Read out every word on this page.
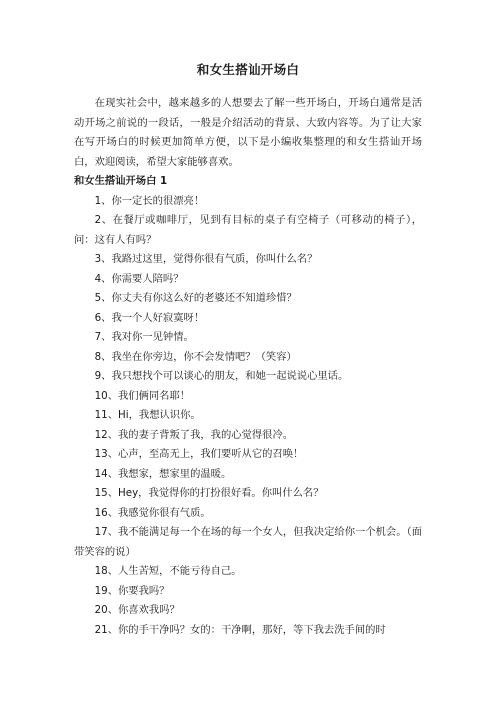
和女生搭讪开场白

在现实社会中，越来越多的人想要去了解一些开场白，开场白通常是活动开场之前说的一段话，一般是介绍活动的背景、大致内容等。为了让大家在写开场白的时候更加简单方便，以下是小编收集整理的和女生搭讪开场白，欢迎阅读，希望大家能够喜欢。

和女生搭讪开场白 1

1、你一定长的很漂亮！
2、在餐厅或咖啡厅，见到有目标的桌子有空椅子（可移动的椅子），问：这有人有吗？
3、我路过这里，觉得你很有气质，你叫什么名？
4、你需要人陪吗？
5、你丈夫有你这么好的老婆还不知道珍惜？
6、我一个人好寂寞呀！
7、我对你一见钟情。
8、我坐在你旁边，你不会发情吧？（笑容）
9、我只想找个可以谈心的朋友，和她一起说说心里话。
10、我们俩同名耶！
11、Hi，我想认识你。
12、我的妻子背叛了我，我的心觉得很冷。
13、心声，至高无上，我们要听从它的召唤！
14、我想家，想家里的温暖。
15、Hey，我觉得你的打扮很好看。你叫什么名？
16、我感觉你很有气质。
17、我不能满足每一个在场的每一个女人，但我决定给你一个机会。（面带笑容的说）
18、人生苦短，不能亏待自己。
19、你要我吗？
20、你喜欢我吗？
21、你的手干净吗？女的：干净啊，那好，等下我去洗手间的时
